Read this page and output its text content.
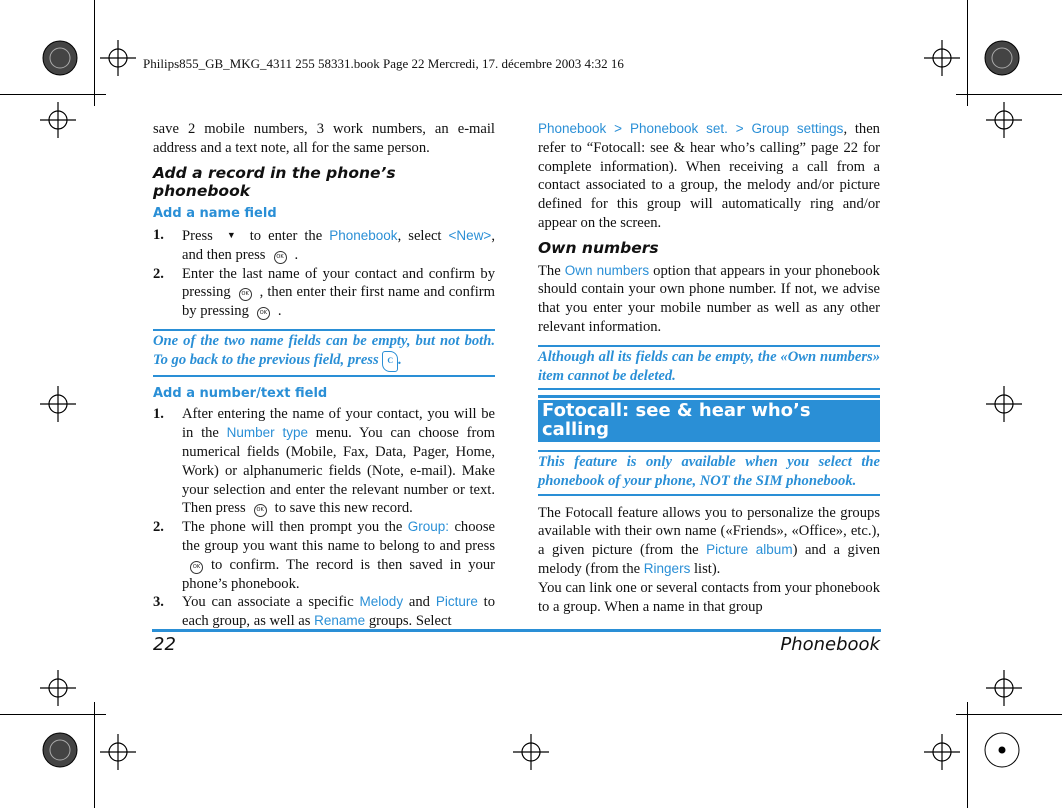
Philips855_GB_MKG_4311 255 58331.book Page 22 Mercredi, 17. décembre 2003 4:32 16
save 2 mobile numbers, 3 work numbers, an e-mail address and a text note, all for the same person.
Add a record in the phone’s phonebook
Add a name field
1. Press ▼ to enter the Phonebook, select <New>, and then press OK .
2. Enter the last name of your contact and confirm by pressing OK , then enter their first name and confirm by pressing OK .
One of the two name fields can be empty, but not both. To go back to the previous field, press C .
Add a number/text field
1. After entering the name of your contact, you will be in the Number type menu. You can choose from numerical fields (Mobile, Fax, Data, Pager, Home, Work) or alphanumeric fields (Note, e-mail). Make your selection and enter the relevant number or text. Then press OK to save this new record.
2. The phone will then prompt you the Group: choose the group you want this name to belong to and pressOK to confirm. The record is then saved in your phone’s phonebook.
3. You can associate a specific Melody and Picture to each group, as well as Rename groups. Select
Phonebook > Phonebook set. > Group settings, then refer to “Fotocall: see & hear who’s calling” page 22 for complete information). When receiving a call from a contact associated to a group, the melody and/or picture defined for this group will automatically ring and/or appear on the screen.
Own numbers
The Own numbers option that appears in your phonebook should contain your own phone number. If not, we advise that you enter your mobile number as well as any other relevant information.
Although all its fields can be empty, the «Own numbers» item cannot be deleted.
Fotocall: see & hear who’s calling
This feature is only available when you select the phonebook of your phone, NOT the SIM phonebook.
The Fotocall feature allows you to personalize the groups available with their own name («Friends», «Office», etc.), a given picture (from the Picture album) and a given melody (from the Ringers list).
You can link one or several contacts from your phonebook to a group. When a name in that group
22	Phonebook
